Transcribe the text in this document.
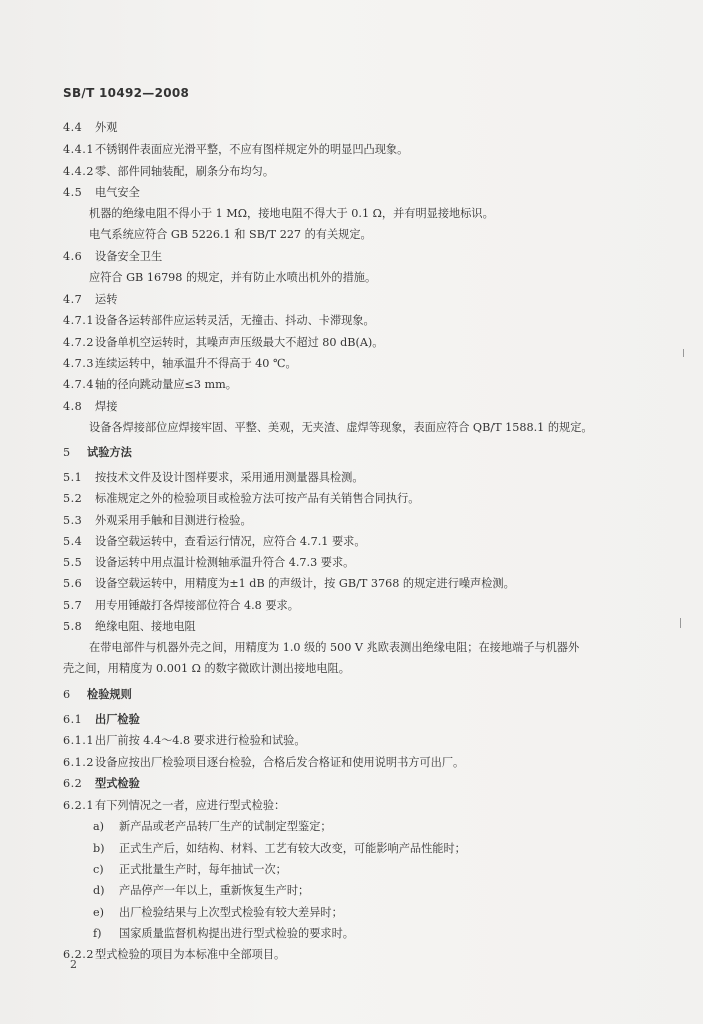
SB/T 10492—2008
4.4 外观
4.4.1不锈钢件表面应光滑平整，不应有图样规定外的明显凹凸现象。
4.4.2零、部件同轴装配，刷条分布均匀。
4.5 电气安全
机器的绝缘电阻不得小于 1 MΩ，接地电阻不得大于 0.1 Ω，并有明显接地标识。
电气系统应符合 GB 5226.1 和 SB/T 227 的有关规定。
4.6 设备安全卫生
应符合 GB 16798 的规定，并有防止水喷出机外的措施。
4.7 运转
4.7.1设备各运转部件应运转灵活，无撞击、抖动、卡滞现象。
4.7.2设备单机空运转时，其噪声声压级最大不超过 80 dB(A)。
4.7.3连续运转中，轴承温升不得高于 40 ℃。
4.7.4轴的径向跳动量应≤3 mm。
4.8 焊接
设备各焊接部位应焊接牢固、平整、美观，无夹渣、虚焊等现象，表面应符合 QB/T 1588.1 的规定。
5 试验方法
5.1 按技术文件及设计图样要求，采用通用测量器具检测。
5.2 标准规定之外的检验项目或检验方法可按产品有关销售合同执行。
5.3 外观采用手触和目测进行检验。
5.4 设备空载运转中，查看运行情况，应符合 4.7.1 要求。
5.5 设备运转中用点温计检测轴承温升符合 4.7.3 要求。
5.6 设备空载运转中，用精度为±1 dB 的声级计，按 GB/T 3768 的规定进行噪声检测。
5.7 用专用锤敲打各焊接部位符合 4.8 要求。
5.8 绝缘电阻、接地电阻
在带电部件与机器外壳之间，用精度为 1.0 级的 500 V 兆欧表测出绝缘电阻；在接地端子与机器外
壳之间，用精度为 0.001 Ω 的数字微欧计测出接地电阻。
6 检验规则
6.1 出厂检验
6.1.1出厂前按 4.4～4.8 要求进行检验和试验。
6.1.2设备应按出厂检验项目逐台检验，合格后发合格证和使用说明书方可出厂。
6.2 型式检验
6.2.1有下列情况之一者，应进行型式检验：
a) 新产品或老产品转厂生产的试制定型鉴定；
b) 正式生产后，如结构、材料、工艺有较大改变，可能影响产品性能时；
c) 正式批量生产时，每年抽试一次；
d) 产品停产一年以上，重新恢复生产时；
e) 出厂检验结果与上次型式检验有较大差异时；
f) 国家质量监督机构提出进行型式检验的要求时。
6.2.2型式检验的项目为本标准中全部项目。
2
